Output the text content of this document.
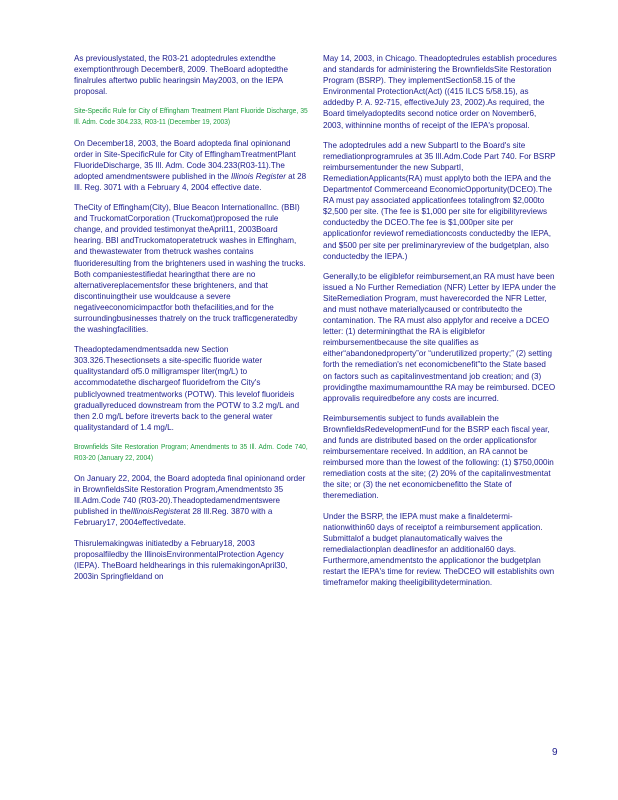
As previouslystated, the R03-21 adoptedrules extendthe exemptionthrough December8, 2009. TheBoard adoptedthe finalrules aftertwo public hearingsin May2003, on the IEPA proposal.

Site-Specific Rule for City of Effingham Treatment Plant Fluoride Discharge, 35 Ill. Adm. Code 304.233, R03-11 (December 19, 2003)

On December18, 2003, the Board adopteda final opinionand order in Site-SpecificRule for City of EffinghamTreatmentPlant FluorideDischarge, 35 Ill. Adm. Code 304.233(R03-11).The adopted amendmentswere published in the Illinois Register at 28 Ill. Reg. 3071 with a February 4, 2004 effective date.

TheCity of Effingham(City), Blue Beacon InternationalInc. (BBI) and TruckomatCorporation (Truckomat)proposed the rule change, and provided testimonyat theApril11, 2003Board hearing. BBI andTruckomatoperatetruck washes in Effingham, and thewastewater from thetruck washes contains fluorideresulting from the brighteners used in washing the trucks. Both companiestestifiedat hearingthat there are no alternativereplacementsfor these brighteners, and that discontinuingtheir use wouldcause a severe negativeeconomicimpactfor both thefacilities,and for the surroundingbusinesses thatrely on the truck trafficgeneratedby the washingfacilities.

Theadoptedamendmentsadda new Section 303.326.Thesectionsets a site-specific fluoride water qualitystandard of5.0 milligramsper liter(mg/L) to accommodatethe dischargeof fluoridefrom the City's publiclyowned treatmentworks (POTW). This levelof fluorideis graduallyreduced downstream from the POTW to 3.2 mg/L and then 2.0 mg/L before itreverts back to the general water qualitystandard of 1.4 mg/L.

Brownfields Site Restoration Program; Amendments to 35 Ill. Adm. Code 740, R03-20 (January 22, 2004)

On January 22, 2004, the Board adopteda final opinionand order in BrownfieldsSite Restoration Program,Amendmentsto 35 Ill.Adm.Code 740 (R03-20).Theadoptedamendmentswere published in theIllinoisRegisterat 28 Ill.Reg. 3870 with a February17, 2004effectivedate.

Thisrulemakingwas initiatedby a February18, 2003 proposalfiledby the IllinoisEnvironmentalProtection Agency (IEPA). TheBoard heldhearings in this rulemakingonApril30, 2003in Springfieldand on

May 14, 2003, in Chicago. Theadoptedrules establish procedures and standards for administering the BrownfieldsSite Restoration Program (BSRP). They implementSection58.15 of the Environmental ProtectionAct(Act) ((415 ILCS 5/58.15), as addedby P. A. 92-715, effectiveJuly 23, 2002).As required, the Board timelyadoptedits second notice order on November6, 2003, withinnine months of receipt of the IEPA's proposal.

The adoptedrules add a new SubpartI to the Board's site remediationprogramrules at 35 Ill.Adm.Code Part 740. For BSRP reimbursementunder the new SubpartI, RemediationApplicants(RA) must applyto both the IEPA and the Departmentof Commerceand EconomicOpportunity(DCEO).The RA must pay associated applicationfees totalingfrom $2,000to $2,500 per site. (The fee is $1,000 per site for eligibilityreviews conductedby the DCEO.The fee is $1,000per site per applicationfor reviewof remediationcosts conductedby the IEPA, and $500 per site per preliminaryreview of the budgetplan, also conductedby the IEPA.)

Generally,to be eligiblefor reimbursement,an RA must have been issued a No Further Remediation (NFR) Letter by IEPA under the SiteRemediation Program, must haverecorded the NFR Letter, and must nothave materiallycaused or contributedto the contamination. The RA must also applyfor and receive a DCEO letter: (1) determiningthat the RA is eligiblefor reimbursementbecause the site qualifies as either“abandonedproperty”or “underutilized property;” (2) setting forth the remediation's net economicbenefit”to the State based on factors such as capitalinvestmentand job creation; and (3) providingthe maximumamountthe RA may be reimbursed. DCEO approvalis requiredbefore any costs are incurred.

Reimbursementis subject to funds availablein the BrownfieldsRedevelopmentFund for the BSRP each fiscal year, and funds are distributed based on the order applicationsfor reimbursementare received. In addition, an RA cannot be reimbursed more than the lowest of the following: (1) $750,000in remediation costs at the site; (2) 20% of the capitalinvestmentat the site; or (3) the net economicbenefitto the State of theremediation.

Under the BSRP, the IEPA must make a finaldetermi-nationwithin60 days of receiptof a reimbursement application. Submittalof a budget planautomatically waives the remedialactionplan deadlinesfor an additional60 days. Furthermore,amendmentsto the applicationor the budgetplan restart the IEPA's time for review. TheDCEO will establishits own timeframefor making theeligibilitydetermination.

9
